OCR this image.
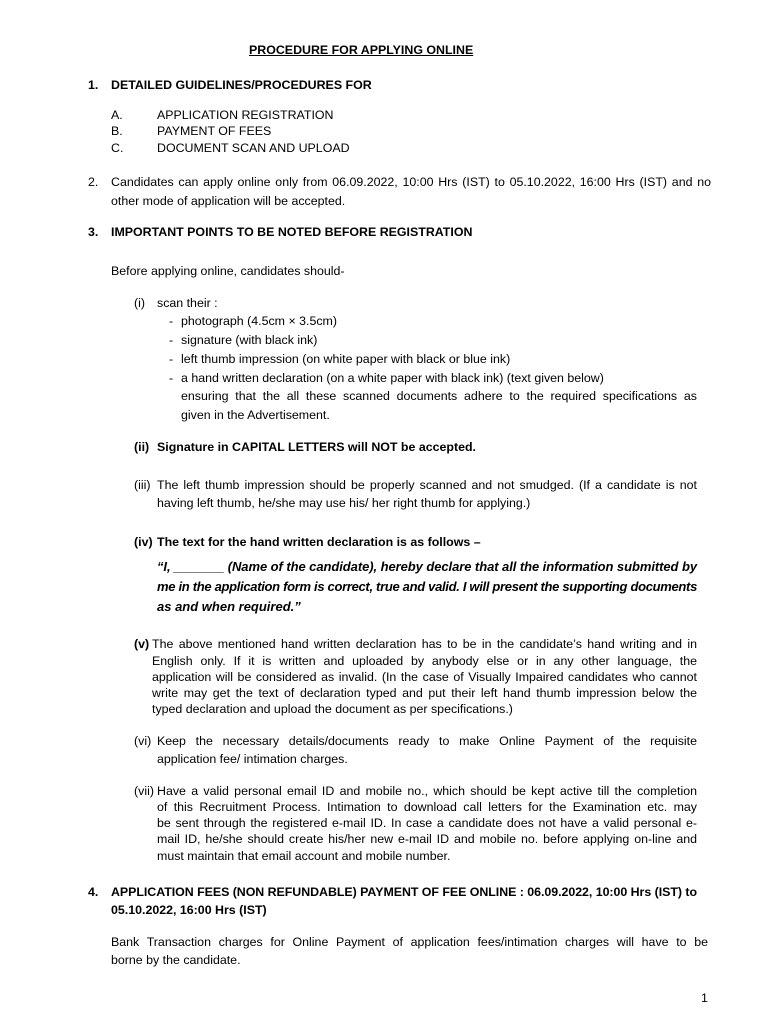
PROCEDURE FOR APPLYING ONLINE
1. DETAILED GUIDELINES/PROCEDURES FOR
A.	APPLICATION REGISTRATION
B.	PAYMENT OF FEES
C.	DOCUMENT SCAN AND UPLOAD
2. Candidates can apply online only from 06.09.2022, 10:00 Hrs (IST) to 05.10.2022, 16:00 Hrs (IST) and no
other mode of application will be accepted.
3. IMPORTANT POINTS TO BE NOTED BEFORE REGISTRATION
Before applying online, candidates should-
(i) scan their :
- photograph (4.5cm × 3.5cm)
- signature (with black ink)
- left thumb impression (on white paper with black or blue ink)
- a hand written declaration (on a white paper with black ink) (text given below)
ensuring that the all these scanned documents adhere to the required specifications as
given in the Advertisement.
(ii) Signature in CAPITAL LETTERS will NOT be accepted.
(iii) The left thumb impression should be properly scanned and not smudged. (If a candidate is not
having left thumb, he/she may use his/ her right thumb for applying.)
(iv) The text for the hand written declaration is as follows –
“I, _______ (Name of the candidate), hereby declare that all the information submitted by
me in the application form is correct, true and valid. I will present the supporting documents
as and when required.”
(v) The above mentioned hand written declaration has to be in the candidate’s hand writing and in
English only. If it is written and uploaded by anybody else or in any other language, the
application will be considered as invalid. (In the case of Visually Impaired candidates who cannot
write may get the text of declaration typed and put their left hand thumb impression below the
typed declaration and upload the document as per specifications.)
(vi) Keep the necessary details/documents ready to make Online Payment of the requisite
application fee/ intimation charges.
(vii) Have a valid personal email ID and mobile no., which should be kept active till the completion
of this Recruitment Process. Intimation to download call letters for the Examination etc. may
be sent through the registered e-mail ID. In case a candidate does not have a valid personal e-
mail ID, he/she should create his/her new e-mail ID and mobile no. before applying on-line and
must maintain that email account and mobile number.
4. APPLICATION FEES (NON REFUNDABLE) PAYMENT OF FEE ONLINE : 06.09.2022, 10:00 Hrs (IST) to
05.10.2022, 16:00 Hrs (IST)
Bank Transaction charges for Online Payment of application fees/intimation charges will have to be
borne by the candidate.
1
